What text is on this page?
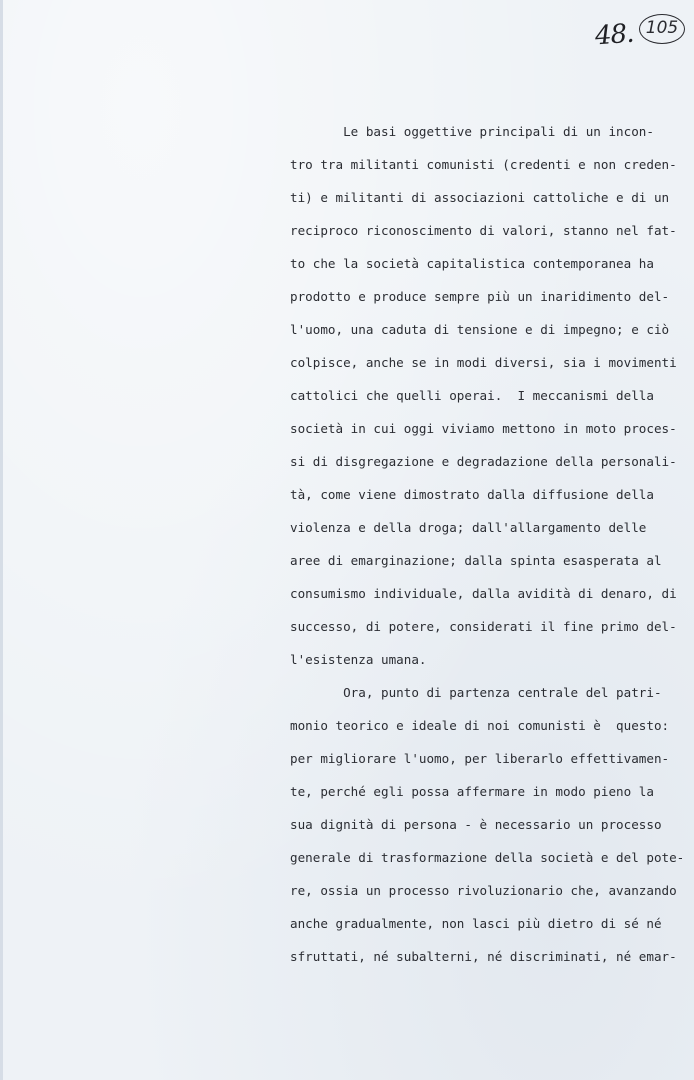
48. 105
Le basi oggettive principali di un incon-
tro tra militanti comunisti (credenti e non creden-
ti) e militanti di associazioni cattoliche e di un
reciproco riconoscimento di valori, stanno nel fat-
to che la società capitalistica contemporanea ha
prodotto e produce sempre più un inaridimento del-
l'uomo, una caduta di tensione e di impegno; e ciò
colpisce, anche se in modi diversi, sia i movimenti
cattolici che quelli operai.  I meccanismi della
società in cui oggi viviamo mettono in moto proces-
si di disgregazione e degradazione della personali-
tà, come viene dimostrato dalla diffusione della
violenza e della droga; dall'allargamento delle
aree di emarginazione; dalla spinta esasperata al
consumismo individuale, dalla avidità di denaro, di
successo, di potere, considerati il fine primo del-
l'esistenza umana.
Ora, punto di partenza centrale del patri-
monio teorico e ideale di noi comunisti è  questo:
per migliorare l'uomo, per liberarlo effettivamen-
te, perché egli possa affermare in modo pieno la
sua dignità di persona - è necessario un processo
generale di trasformazione della società e del pote-
re, ossia un processo rivoluzionario che, avanzando
anche gradualmente, non lasci più dietro di sé né
sfruttati, né subalterni, né discriminati, né emar-
